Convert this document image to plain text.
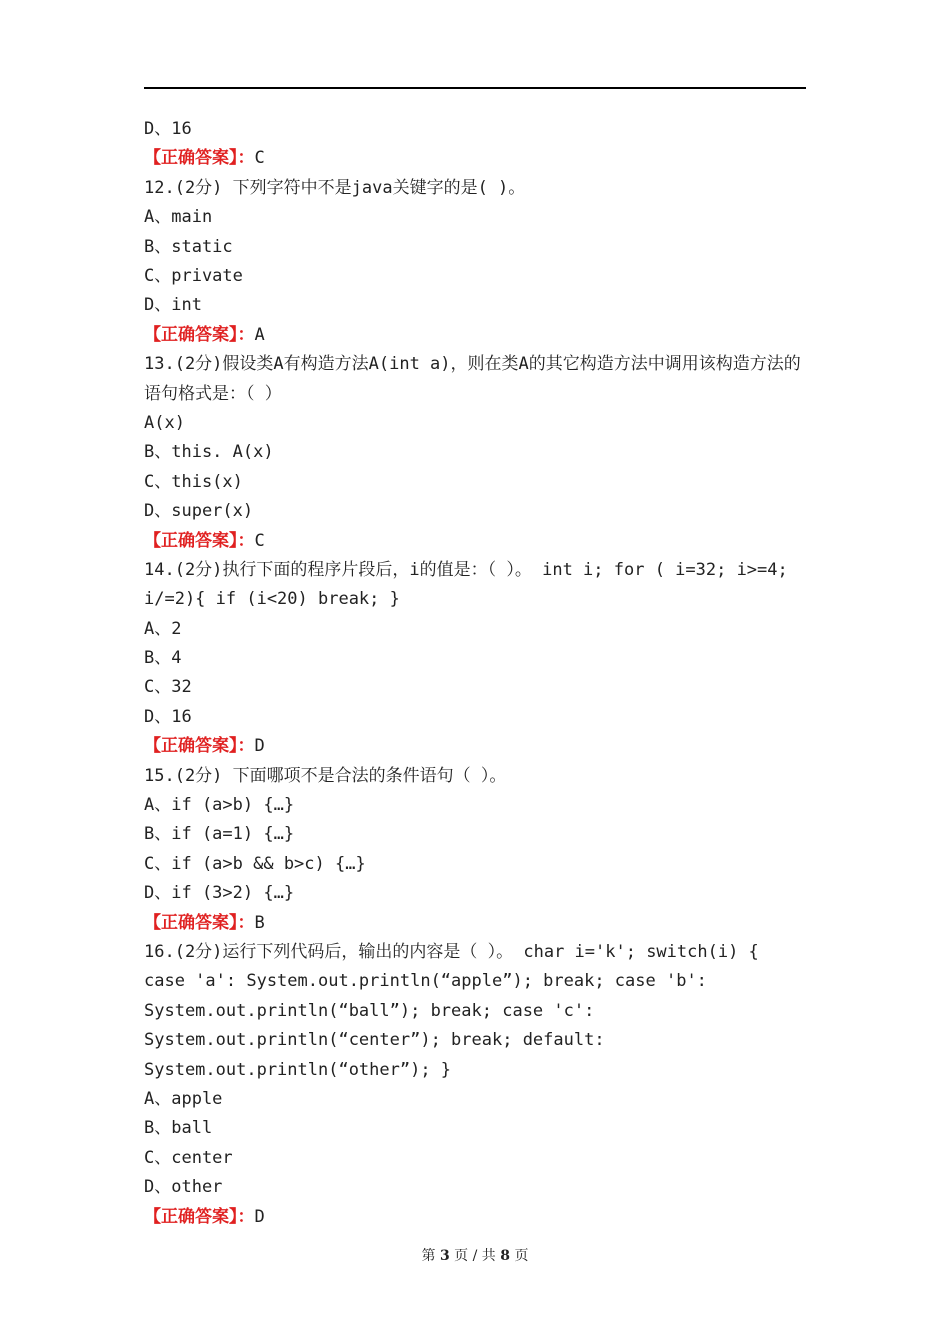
D、16
【正确答案】：C
12.(2分) 下列字符中不是java关键字的是( )。
A、main
B、static
C、private
D、int
【正确答案】：A
13.(2分)假设类A有构造方法A(int a)，则在类A的其它构造方法中调用该构造方法的语句格式是：（ ）
A(x)
B、this. A(x)
C、this(x)
D、super(x)
【正确答案】：C
14.(2分)执行下面的程序片段后，i的值是：（ ）。 int i; for ( i=32; i>=4; i/=2){ if (i<20) break; }
A、2
B、4
C、32
D、16
【正确答案】：D
15.(2分) 下面哪项不是合法的条件语句（ ）。
A、if (a>b) {…}
B、if (a=1) {…}
C、if (a>b && b>c) {…}
D、if (3>2) {…}
【正确答案】：B
16.(2分)运行下列代码后，输出的内容是（ ）。 char i='k'; switch(i) {
case 'a': System.out.println(“apple”); break; case 'b':
System.out.println(“ball”); break; case 'c':
System.out.println(“center”); break; default:
System.out.println(“other”); }
A、apple
B、ball
C、center
D、other
【正确答案】：D
第 3 页 / 共 8 页
